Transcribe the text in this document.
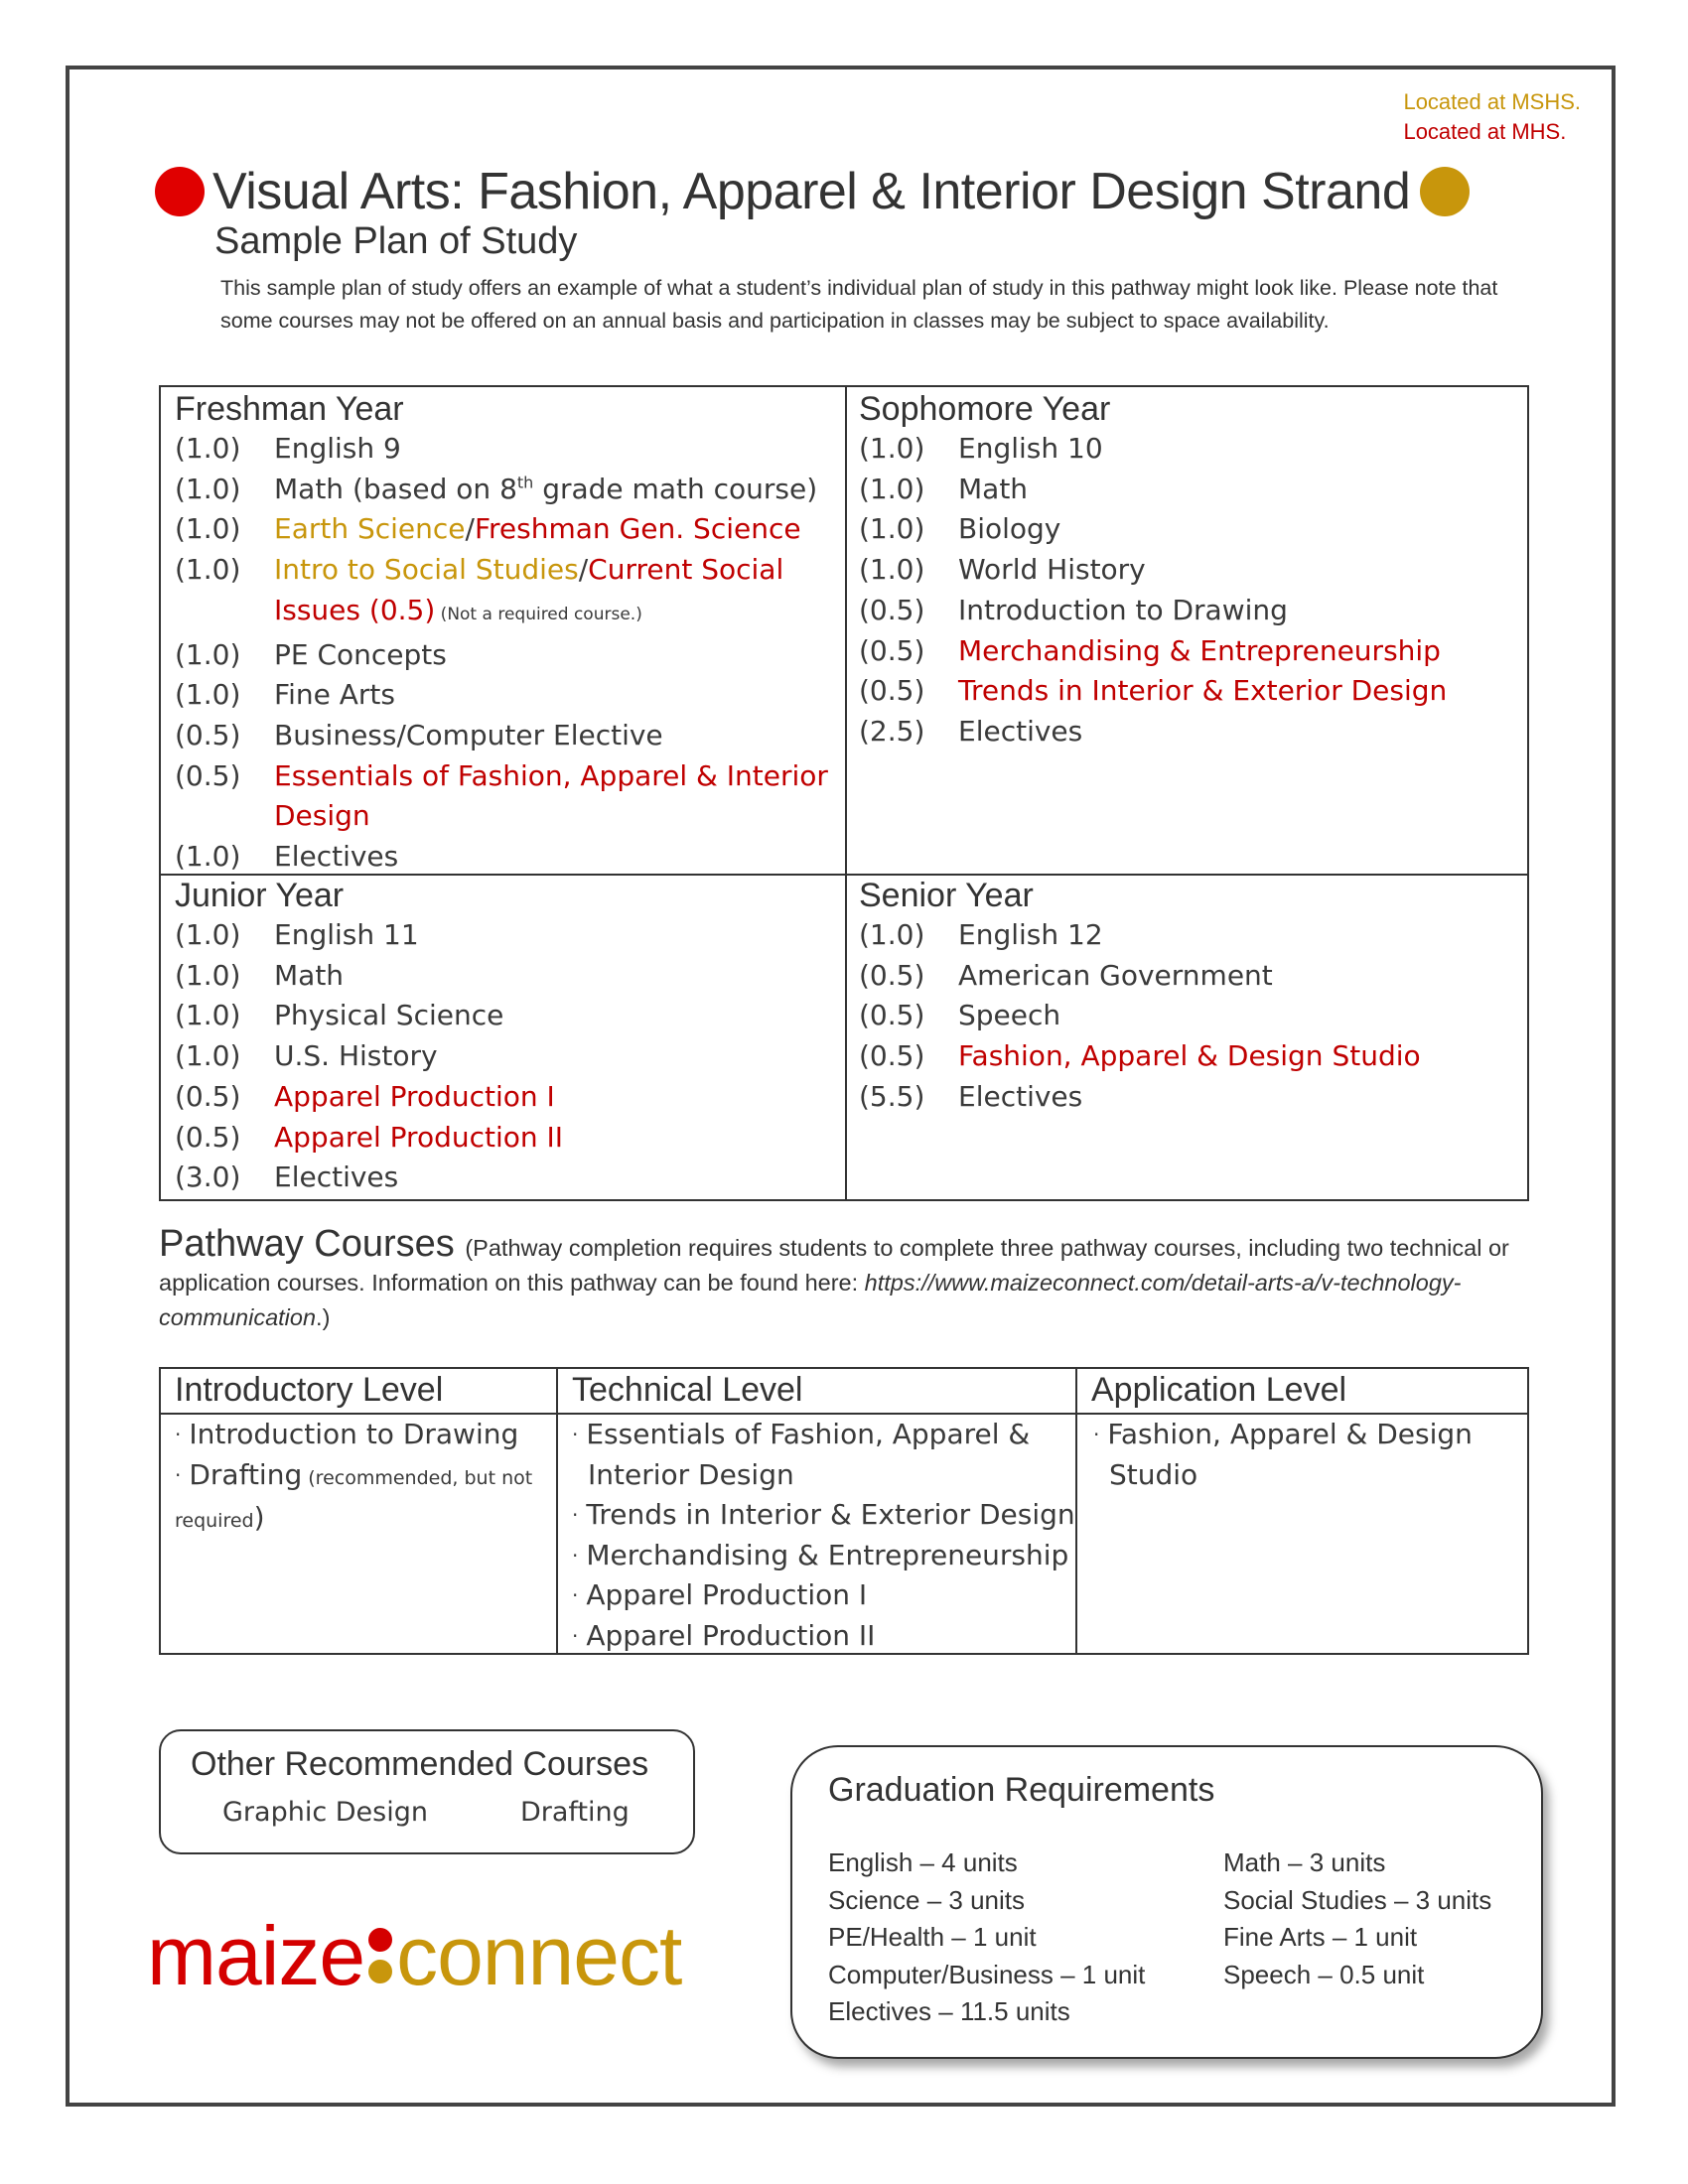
Located at MSHS.
Located at MHS.
Visual Arts: Fashion, Apparel & Interior Design Strand
Sample Plan of Study
This sample plan of study offers an example of what a student’s individual plan of study in this pathway might look like. Please note that some courses may not be offered on an annual basis and participation in classes may be subject to space availability.
Freshman Year
(1.0)	English 9
(1.0)	Math (based on 8th grade math course)
(1.0)	Earth Science/Freshman Gen. Science
(1.0)	Intro to Social Studies/Current Social Issues (0.5) (Not a required course.)
(1.0)	PE Concepts
(1.0)	Fine Arts
(0.5)	Business/Computer Elective
(0.5)	Essentials of Fashion, Apparel & Interior Design
(1.0)	Electives
Sophomore Year
(1.0)	English 10
(1.0)	Math
(1.0)	Biology
(1.0)	World History
(0.5)	Introduction to Drawing
(0.5)	Merchandising & Entrepreneurship
(0.5)	Trends in Interior & Exterior Design
(2.5)	Electives
Junior Year
(1.0)	English 11
(1.0)	Math
(1.0)	Physical Science
(1.0)	U.S. History
(0.5)	Apparel Production I
(0.5)	Apparel Production II
(3.0)	Electives
Senior Year
(1.0)	English 12
(0.5)	American Government
(0.5)	Speech
(0.5)	Fashion, Apparel & Design Studio
(5.5)	Electives
Pathway Courses (Pathway completion requires students to complete three pathway courses, including two technical or application courses. Information on this pathway can be found here: https://www.maizeconnect.com/detail-arts-a/v-technology-communication.)
Introductory Level
· Introduction to Drawing
· Drafting (recommended, but not required)
Technical Level
· Essentials of Fashion, Apparel & Interior Design
· Trends in Interior & Exterior Design
· Merchandising & Entrepreneurship
· Apparel Production I
· Apparel Production II
Application Level
· Fashion, Apparel & Design Studio
Other Recommended Courses
Graphic Design	Drafting
Graduation Requirements
English – 4 units
Science – 3 units
PE/Health – 1 unit
Computer/Business – 1 unit
Electives – 11.5 units
Math – 3 units
Social Studies – 3 units
Fine Arts – 1 unit
Speech – 0.5 unit
maize connect
